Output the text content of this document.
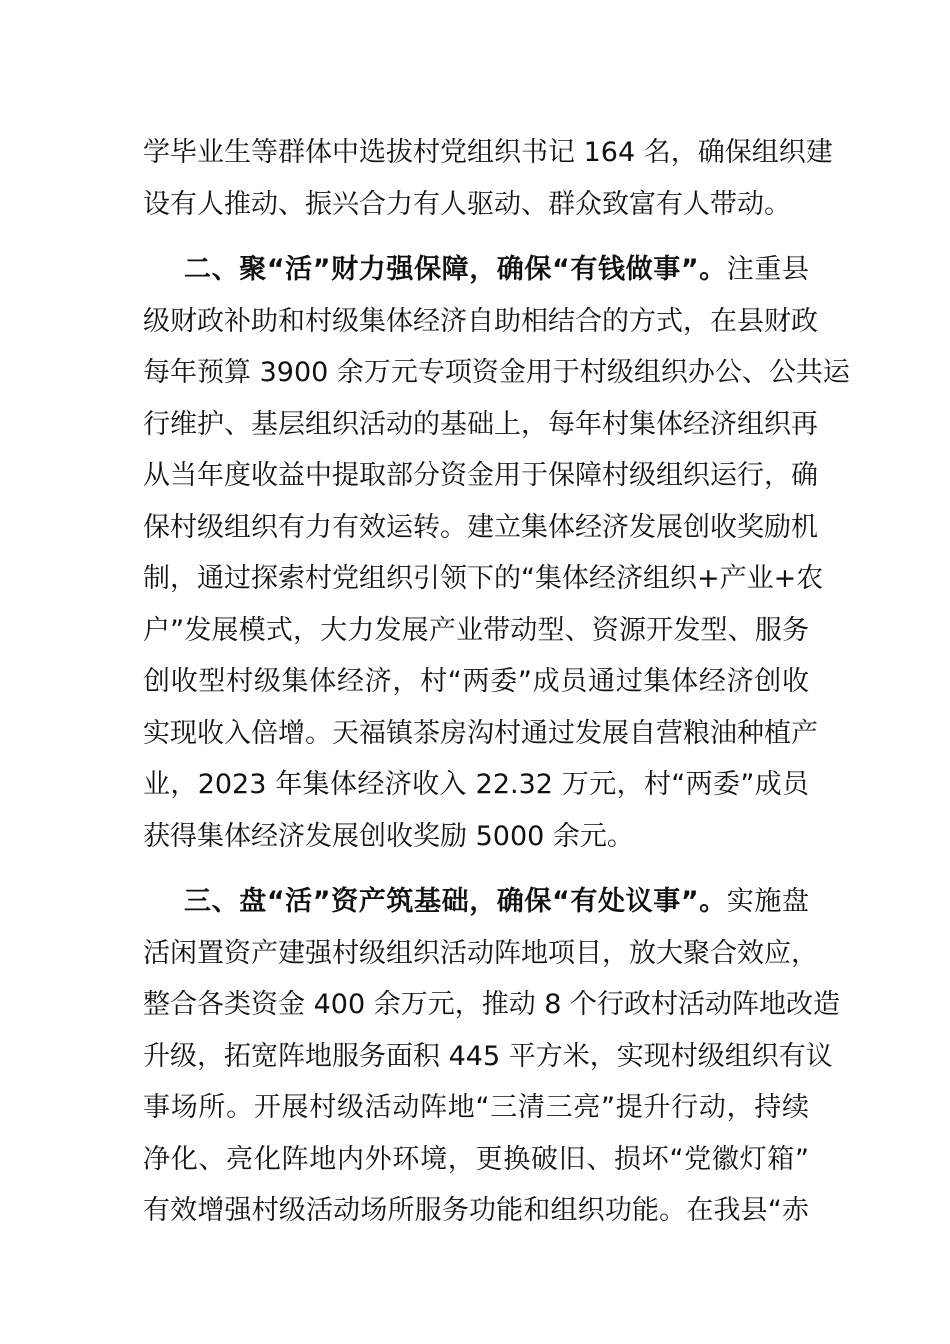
学毕业生等群体中选拔村党组织书记 164 名，确保组织建
设有人推动、振兴合力有人驱动、群众致富有人带动。
二、聚“活”财力强保障，确保“有钱做事”。注重县
级财政补助和村级集体经济自助相结合的方式，在县财政
每年预算 3900 余万元专项资金用于村级组织办公、公共运
行维护、基层组织活动的基础上，每年村集体经济组织再
从当年度收益中提取部分资金用于保障村级组织运行，确
保村级组织有力有效运转。建立集体经济发展创收奖励机
制，通过探索村党组织引领下的“集体经济组织+产业+农
户”发展模式，大力发展产业带动型、资源开发型、服务
创收型村级集体经济，村“两委”成员通过集体经济创收
实现收入倍增。天福镇茶房沟村通过发展自营粮油种植产
业，2023 年集体经济收入 22.32 万元，村“两委”成员
获得集体经济发展创收奖励 5000 余元。
三、盘“活”资产筑基础，确保“有处议事”。实施盘
活闲置资产建强村级组织活动阵地项目，放大聚合效应，
整合各类资金 400 余万元，推动 8 个行政村活动阵地改造
升级，拓宽阵地服务面积 445 平方米，实现村级组织有议
事场所。开展村级活动阵地“三清三亮”提升行动，持续
净化、亮化阵地内外环境，更换破旧、损坏“党徽灯箱”
有效增强村级活动场所服务功能和组织功能。在我县“赤
